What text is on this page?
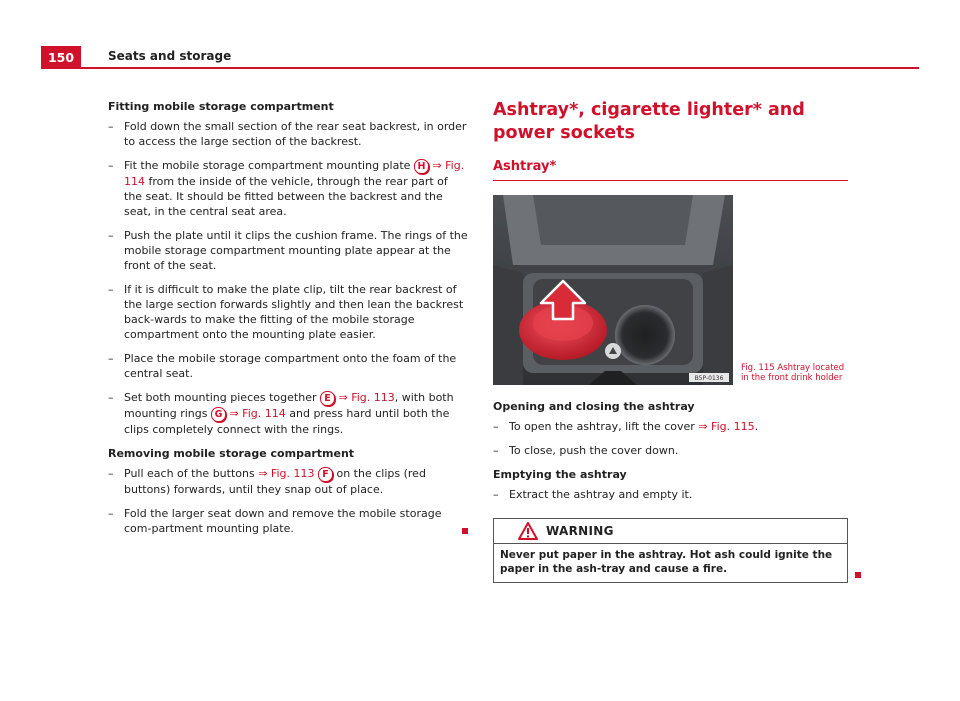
150	Seats and storage

Fitting mobile storage compartment

– Fold down the small section of the rear seat backrest, in order to access the large section of the backrest.
– Fit the mobile storage compartment mounting plate H ⇒ Fig. 114 from the inside of the vehicle, through the rear part of the seat. It should be fitted between the backrest and the seat, in the central seat area.
– Push the plate until it clips the cushion frame. The rings of the mobile storage compartment mounting plate appear at the front of the seat.
– If it is difficult to make the plate clip, tilt the rear backrest of the large section forwards slightly and then lean the backrest back-wards to make the fitting of the mobile storage compartment onto the mounting plate easier.
– Place the mobile storage compartment onto the foam of the central seat.
– Set both mounting pieces together E ⇒ Fig. 113, with both mounting rings G ⇒ Fig. 114 and press hard until both the clips completely connect with the rings.

Removing mobile storage compartment

– Pull each of the buttons ⇒ Fig. 113 F on the clips (red buttons) forwards, until they snap out of place.
– Fold the larger seat down and remove the mobile storage com-partment mounting plate.
Ashtray*, cigarette lighter* and power sockets
Ashtray*
B5P-0136
Fig. 115 Ashtray located in the front drink holder

Opening and closing the ashtray

– To open the ashtray, lift the cover ⇒ Fig. 115.
– To close, push the cover down.

Emptying the ashtray

– Extract the ashtray and empty it.
WARNING
Never put paper in the ashtray. Hot ash could ignite the paper in the ash-tray and cause a fire.
